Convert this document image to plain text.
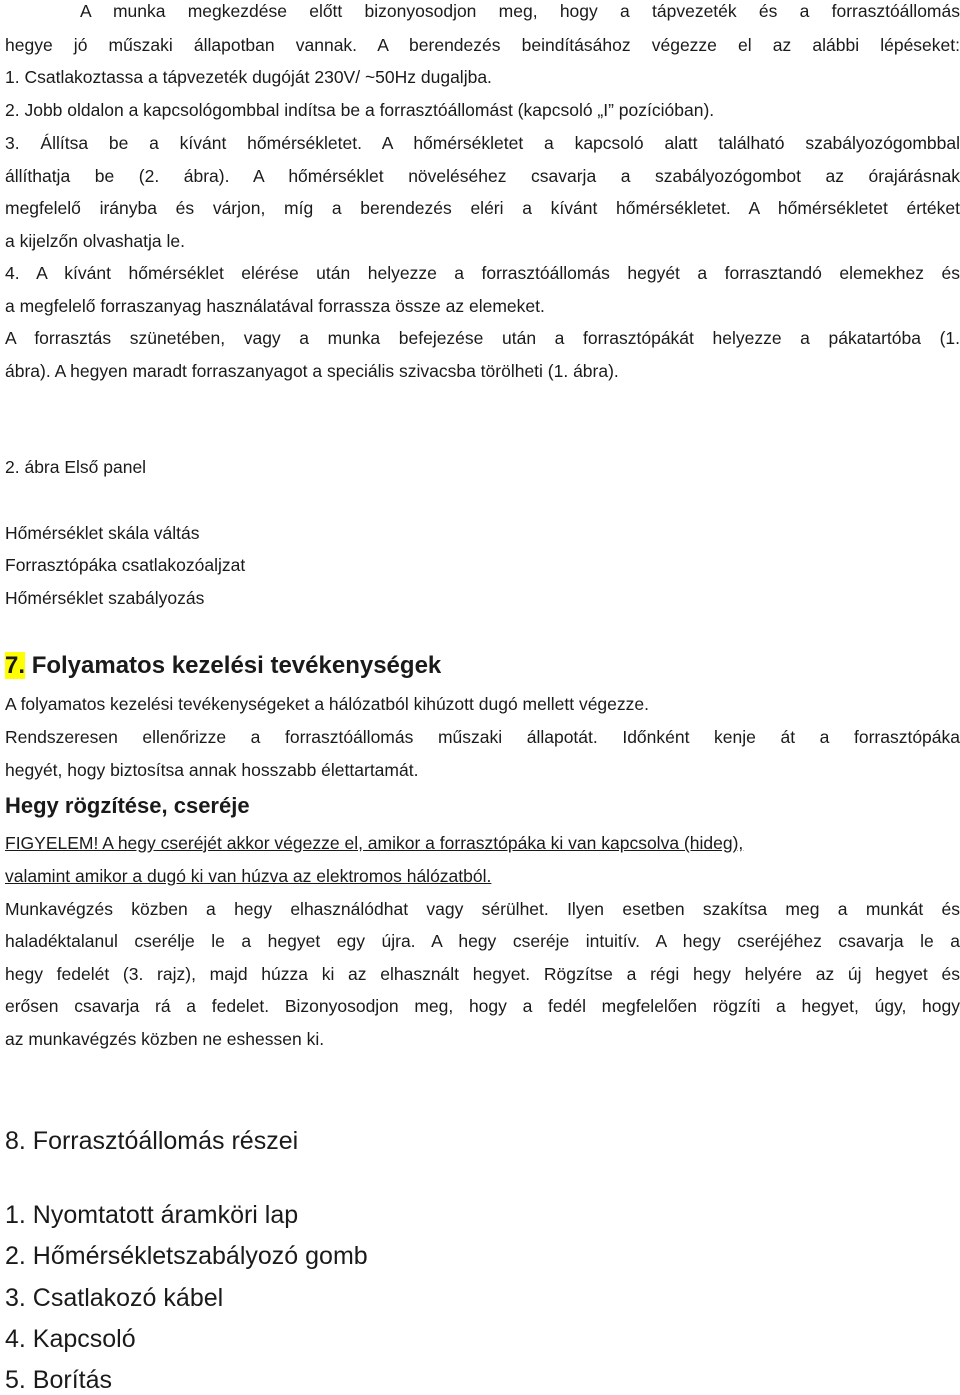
A munka megkezdése előtt bizonyosodjon meg, hogy a tápvezeték és a forrasztóállomás
hegye jó műszaki állapotban vannak. A berendezés beindításához végezze el az alábbi lépéseket:
1. Csatlakoztassa a tápvezeték dugóját 230V/ ~50Hz dugaljba.
2. Jobb oldalon a kapcsológombbal indítsa be a forrasztóállomást (kapcsoló „I” pozícióban).
3. Állítsa be a kívánt hőmérsékletet. A hőmérsékletet a kapcsoló alatt található szabályozógombbal
állíthatja be (2. ábra). A hőmérséklet növeléséhez csavarja a szabályozógombot az órajárásnak
megfelelő irányba és várjon, míg a berendezés eléri a kívánt hőmérsékletet. A hőmérsékletet értéket
a kijelzőn olvashatja le.
4. A kívánt hőmérséklet elérése után helyezze a forrasztóállomás hegyét a forrasztandó elemekhez és
a megfelelő forraszanyag használatával forrassza össze az elemeket.
A forrasztás szünetében, vagy a munka befejezése után a forrasztópákát helyezze a pákatartóba (1.
ábra). A hegyen maradt forraszanyagot a speciális szivacsba törölheti (1. ábra).
2. ábra Első panel
Hőmérséklet skála váltás
Forrasztópáka csatlakozóaljzat
Hőmérséklet szabályozás
7. Folyamatos kezelési tevékenységek
A folyamatos kezelési tevékenységeket a hálózatból kihúzott dugó mellett végezze.
Rendszeresen ellenőrizze a forrasztóállomás műszaki állapotát. Időnként kenje át a forrasztópáka
hegyét, hogy biztosítsa annak hosszabb élettartamát.
Hegy rögzítése, cseréje
FIGYELEM! A hegy cseréjét akkor végezze el, amikor a forrasztópáka ki van kapcsolva (hideg),
valamint amikor a dugó ki van húzva az elektromos hálózatból.
Munkavégzés közben a hegy elhasználódhat vagy sérülhet. Ilyen esetben szakítsa meg a munkát és
haladéktalanul cserélje le a hegyet egy újra. A hegy cseréje intuitív. A hegy cseréjéhez csavarja le a
hegy fedelét (3. rajz), majd húzza ki az elhasznált hegyet. Rögzítse a régi hegy helyére az új hegyet és
erősen csavarja rá a fedelet. Bizonyosodjon meg, hogy a fedél megfelelően rögzíti a hegyet, úgy, hogy
az munkavégzés közben ne eshessen ki.
8. Forrasztóállomás részei
1. Nyomtatott áramköri lap
2. Hőmérsékletszabályozó gomb
3. Csatlakozó kábel
4. Kapcsoló
5. Borítás
